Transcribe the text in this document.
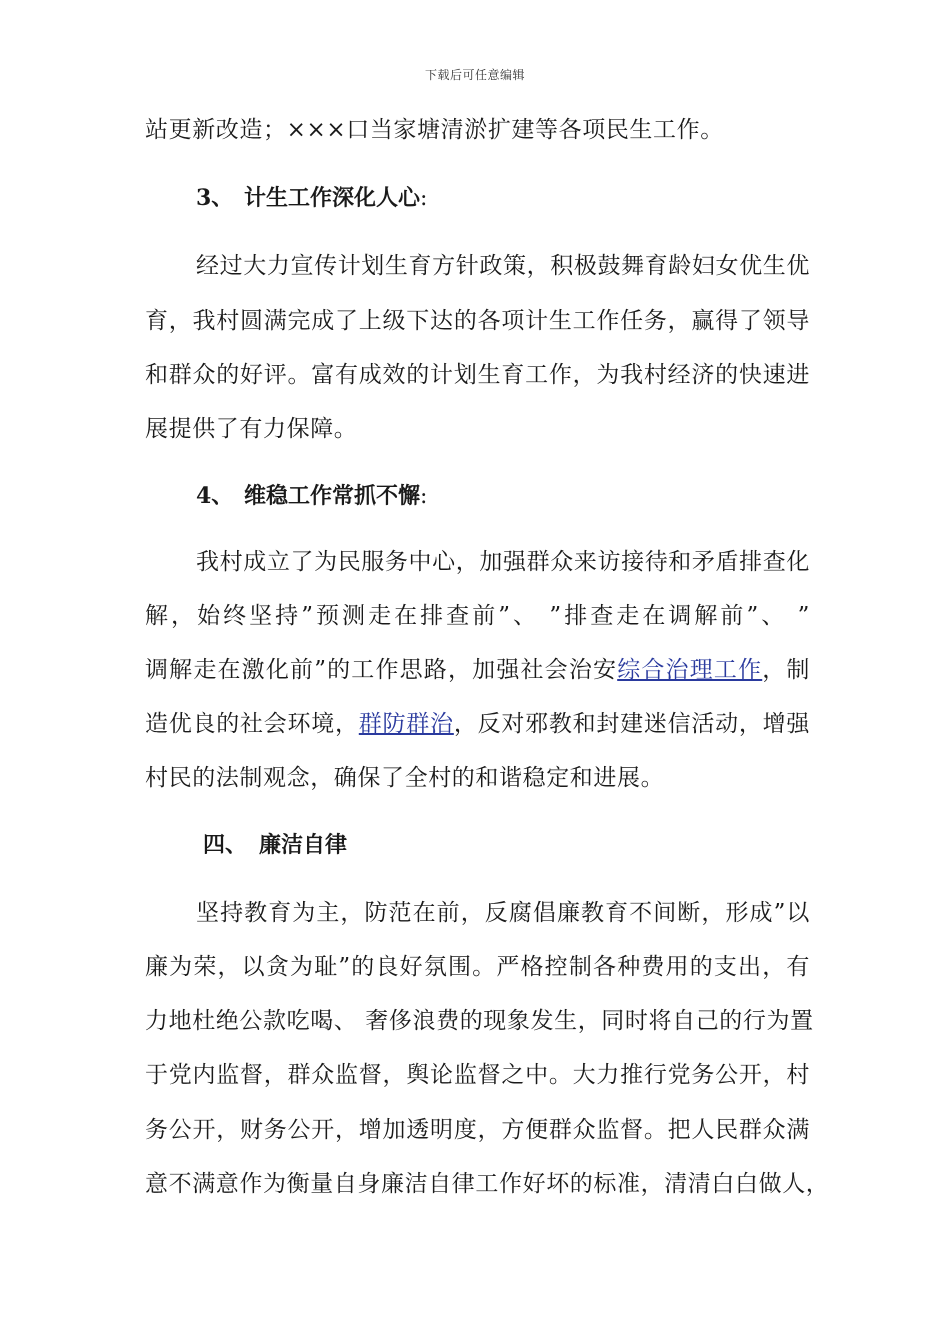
下载后可任意编辑
站更新改造；×××口当家塘清淤扩建等各项民生工作。
3、 计生工作深化人心:
经过大力宣传计划生育方针政策，积极鼓舞育龄妇女优生优
育，我村圆满完成了上级下达的各项计生工作任务，赢得了领导
和群众的好评。富有成效的计划生育工作，为我村经济的快速进
展提供了有力保障。
4、 维稳工作常抓不懈:
我村成立了为民服务中心，加强群众来访接待和矛盾排查化
解，始终坚持”预测走在排查前”、 ”排查走在调解前”、 ”
调解走在激化前”的工作思路，加强社会治安综合治理工作，制
造优良的社会环境，群防群治，反对邪教和封建迷信活动，增强
村民的法制观念，确保了全村的和谐稳定和进展。
四、 廉洁自律
坚持教育为主，防范在前，反腐倡廉教育不间断，形成”以
廉为荣，以贪为耻”的良好氛围。严格控制各种费用的支出，有
力地杜绝公款吃喝、 奢侈浪费的现象发生，同时将自己的行为置
于党内监督，群众监督，舆论监督之中。大力推行党务公开，村
务公开，财务公开，增加透明度，方便群众监督。把人民群众满
意不满意作为衡量自身廉洁自律工作好坏的标准，清清白白做人，
